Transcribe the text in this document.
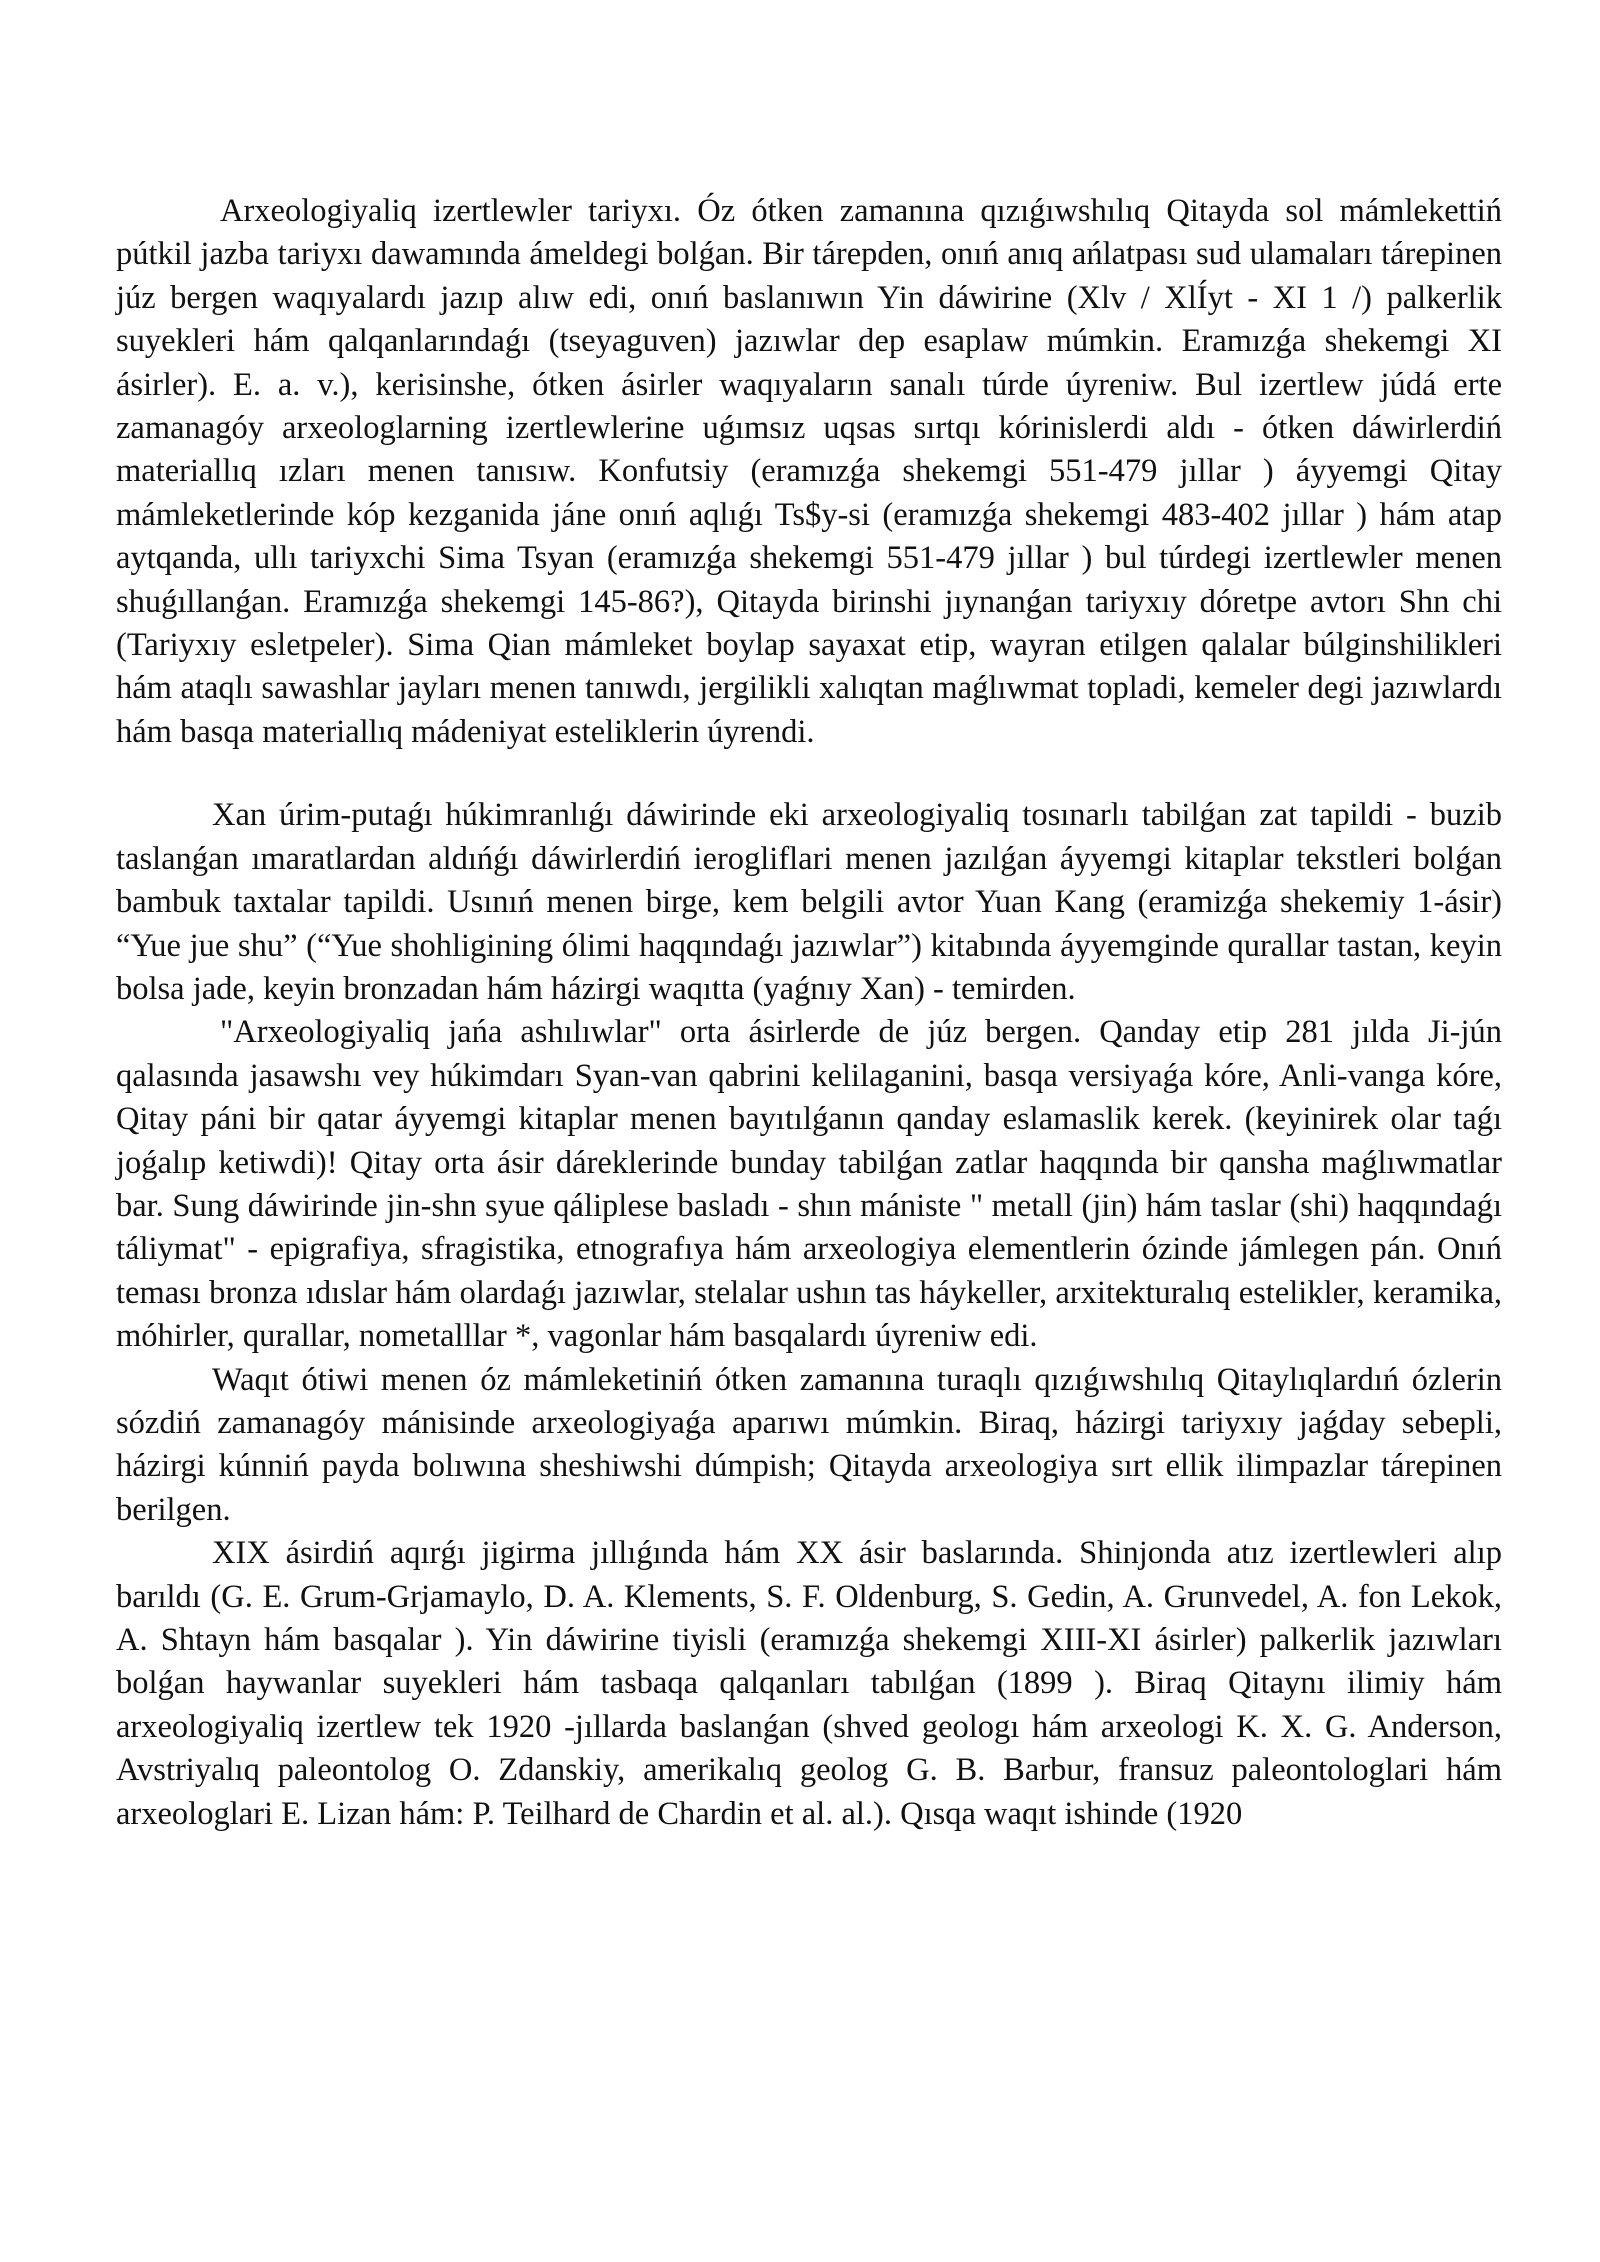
Arxeologiyaliq izertlewler tariyxı. Óz ótken zamanına qızıǵıwshılıq Qitayda sol mámlekettiń pútkil jazba tariyxı dawamında ámeldegi bolǵan. Bir tárepden, onıń anıq ańlatpası sud ulamaları tárepinen júz bergen waqıyalardı jazıp alıw edi, onıń baslanıwın Yin dáwirine (Xlv / XlÍyt - XI 1 /) palkerlik suyekleri hám qalqanlarındaǵı (tseyaguven) jazıwlar dep esaplaw múmkin. Eramızǵa shekemgi XI ásirler). E. a. v.), kerisinshe, ótken ásirler waqıyaların sanalı túrde úyreniw. Bul izertlew júdá erte zamanagóy arxeologlarning izertlewlerine uǵımsız uqsas sırtqı kórinislerdi aldı - ótken dáwirlerdiń materiallıq ızları menen tanısıw. Konfutsiy (eramızǵa shekemgi 551-479 jıllar ) áyyemgi Qitay mámleketlerinde kóp kezganida jáne onıń aqlıǵı Ts$y-si (eramızǵa shekemgi 483-402 jıllar ) hám atap aytqanda, ullı tariyxchi Sima Tsyan (eramızǵa shekemgi 551-479 jıllar ) bul túrdegi izertlewler menen shuǵıllanǵan. Eramızǵa shekemgi 145-86?), Qitayda birinshi jıynanǵan tariyxıy dóretpe avtorı Shn chi (Tariyxıy esletpeler). Sima Qian mámleket boylap sayaxat etip, wayran etilgen qalalar búlginshilikleri hám ataqlı sawashlar jayları menen tanıwdı, jergilikli xalıqtan maǵlıwmat topladi, kemeler degi jazıwlardı hám basqa materiallıq mádeniyat esteliklerin úyrendi.

Xan úrim-putaǵı húkimranlıǵı dáwirinde eki arxeologiyaliq tosınarlı tabilǵan zat tapildi - buzib taslanǵan ımaratlardan aldıńǵı dáwirlerdiń ierogliflari menen jazılǵan áyyemgi kitaplar tekstleri bolǵan bambuk taxtalar tapildi. Usınıń menen birge, kem belgili avtor Yuan Kang (eramizǵa shekemiy 1-ásir) “Yue jue shu” (“Yue shohligining ólimi haqqındaǵı jazıwlar”) kitabında áyyemginde qurallar tastan, keyin bolsa jade, keyin bronzadan hám házirgi waqıtta (yaǵnıy Xan) - temirden.

"Arxeologiyaliq jańa ashılıwlar" orta ásirlerde de júz bergen. Qanday etip 281 jılda Ji-jún qalasında jasawshı vey húkimdarı Syan-van qabrini kelilaganini, basqa versiyaǵa kóre, Anli-vanga kóre, Qitay páni bir qatar áyyemgi kitaplar menen bayıtılǵanın qanday eslamaslik kerek. (keyinirek olar taǵı joǵalıp ketiwdi)! Qitay orta ásir dáreklerinde bunday tabilǵan zatlar haqqında bir qansha maǵlıwmatlar bar. Sung dáwirinde jin-shn syue qáliplese basladı - shın mániste " metall (jin) hám taslar (shi) haqqındaǵı táliymat" - epigrafiya, sfragistika, etnografıya hám arxeologiya elementlerin ózinde jámlegen pán. Onıń teması bronza ıdıslar hám olardaǵı jazıwlar, stelalar ushın tas háykeller, arxitekturalıq estelikler, keramika, móhirler, qurallar, nometalllar *, vagonlar hám basqalardı úyreniw edi.

Waqıt ótiwi menen óz mámleketiniń ótken zamanına turaqlı qızıǵıwshılıq Qitaylıqlardıń ózlerin sózdiń zamanagóy mánisinde arxeologiyaǵa aparıwı múmkin. Biraq, házirgi tariyxıy jaǵday sebepli, házirgi kúnniń payda bolıwına sheshiwshi dúmpish; Qitayda arxeologiya sırt ellik ilimpazlar tárepinen berilgen.

XIX ásirdiń aqırǵı jigirma jıllıǵında hám XX ásir baslarında. Shinjonda atız izertlewleri alıp barıldı (G. E. Grum-Grjamaylo, D. A. Klements, S. F. Oldenburg, S. Gedin, A. Grunvedel, A. fon Lekok, A. Shtayn hám basqalar ). Yin dáwirine tiyisli (eramızǵa shekemgi XIII-XI ásirler) palkerlik jazıwları bolǵan haywanlar suyekleri hám tasbaqa qalqanları tabılǵan (1899 ). Biraq Qitaynı ilimiy hám arxeologiyaliq izertlew tek 1920 -jıllarda baslanǵan (shved geologı hám arxeologi K. X. G. Anderson, Avstriyalıq paleontolog O. Zdanskiy, amerikalıq geolog G. B. Barbur, fransuz paleontologlari hám arxeologlari E. Lizan hám: P. Teilhard de Chardin et al. al.). Qısqa waqıt ishinde (1920
